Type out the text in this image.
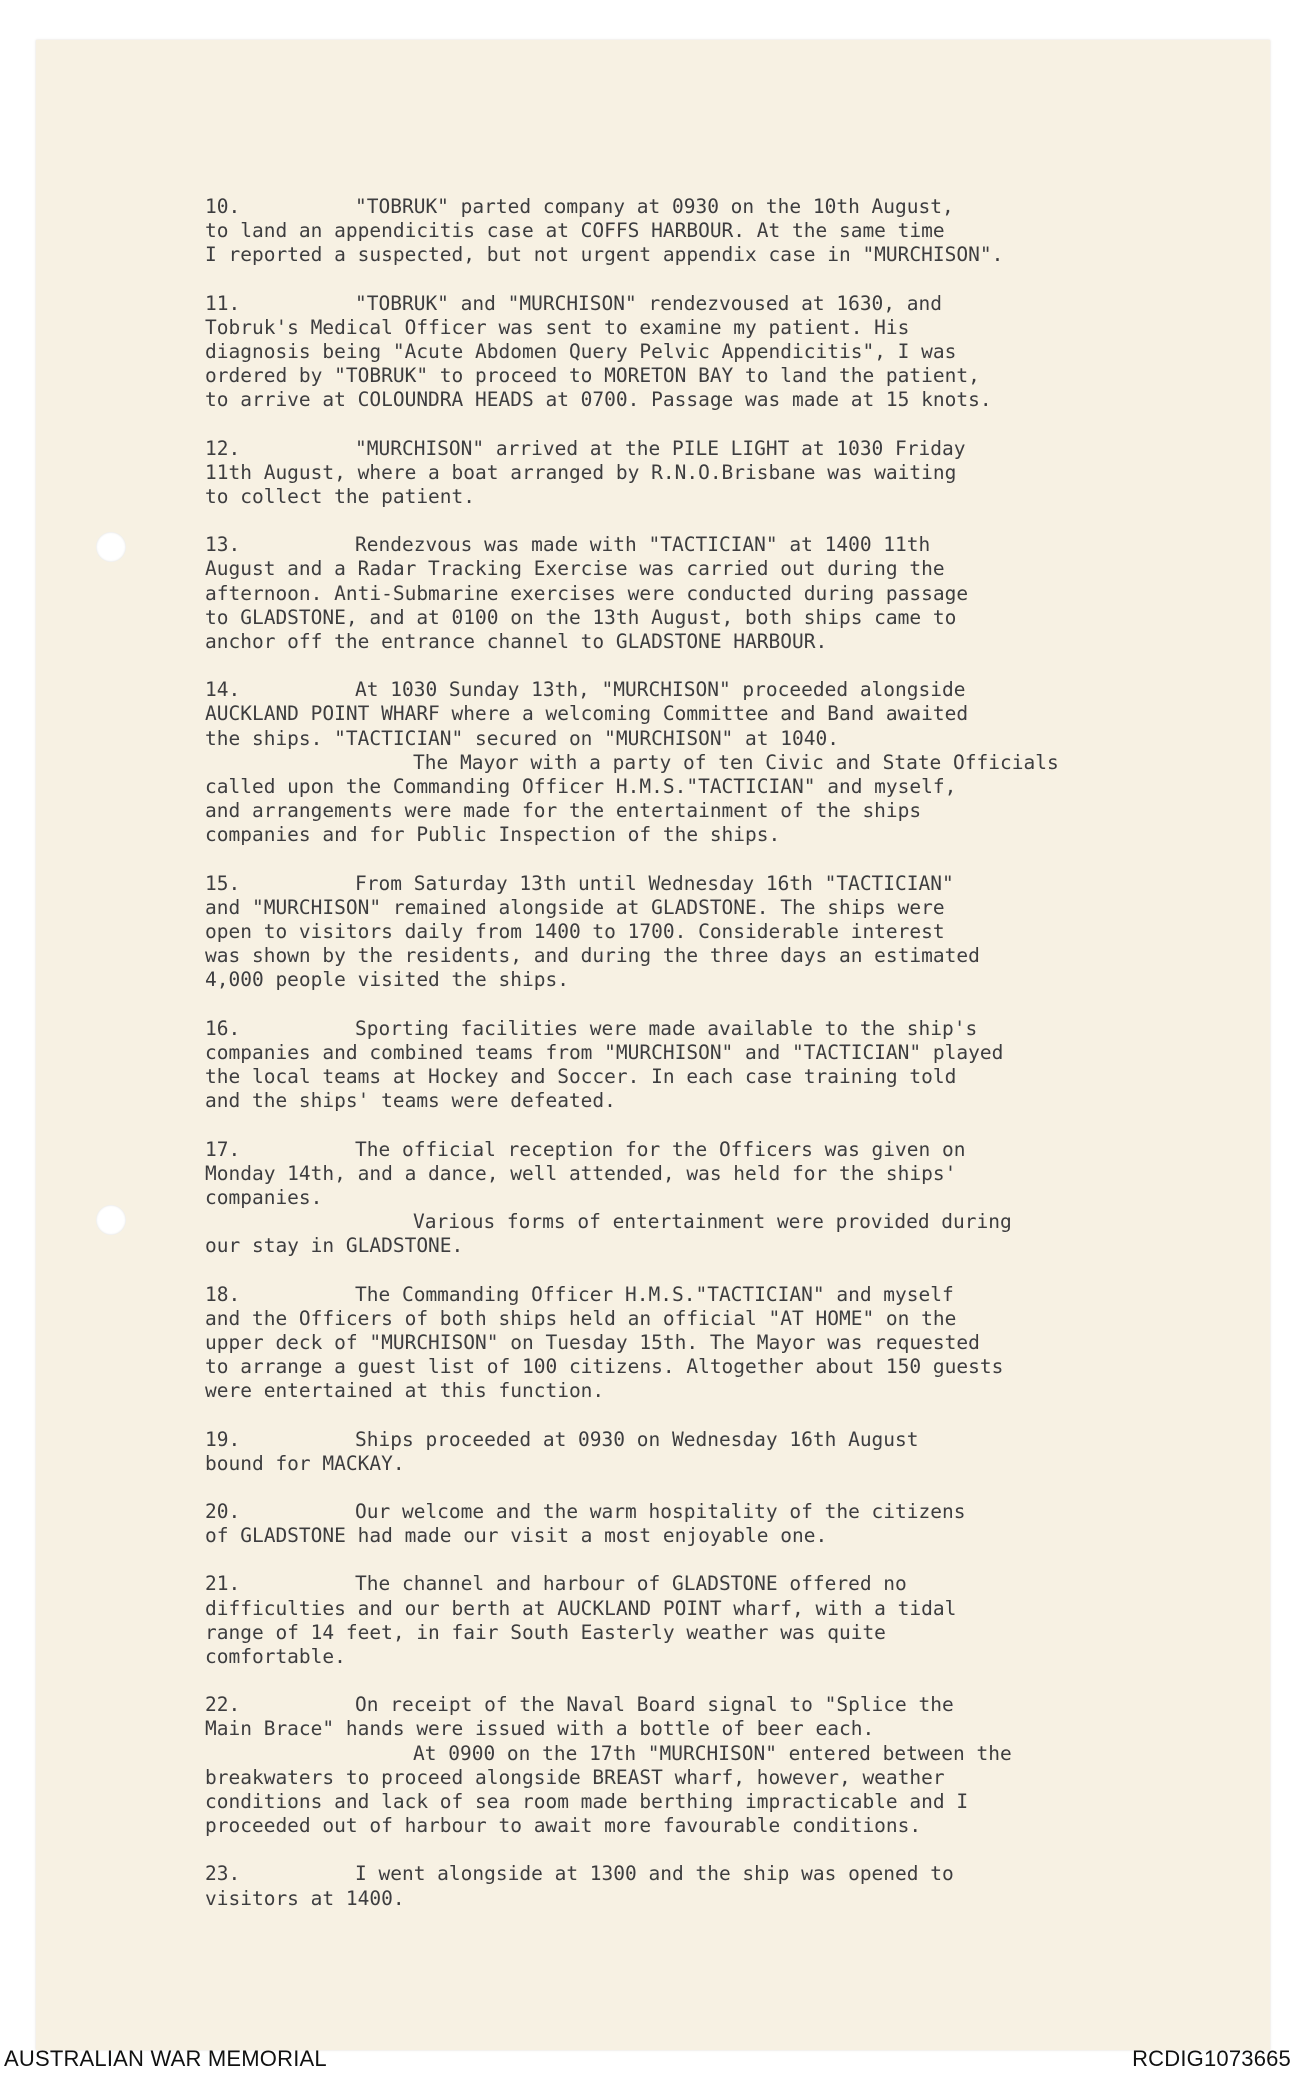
10.	"TOBRUK" parted company at 0930 on the 10th August,

to land an appendicitis case at COFFS HARBOUR. At the same time

I reported a suspected, but not urgent appendix case in "MURCHISON".

11.	"TOBRUK" and "MURCHISON" rendezvoused at 1630, and

Tobruk's Medical Officer was sent to examine my patient. His

diagnosis being "Acute Abdomen Query Pelvic Appendicitis", I was

ordered by "TOBRUK" to proceed to MORETON BAY to land the patient,

to arrive at COLOUNDRA HEADS at 0700. Passage was made at 15 knots.

12.	"MURCHISON" arrived at the PILE LIGHT at 1030 Friday

11th August, where a boat arranged by R.N.O.Brisbane was waiting

to collect the patient.

13.	Rendezvous was made with "TACTICIAN" at 1400 11th

August and a Radar Tracking Exercise was carried out during the

afternoon. Anti-Submarine exercises were conducted during passage

to GLADSTONE, and at 0100 on the 13th August, both ships came to

anchor off the entrance channel to GLADSTONE HARBOUR.

14.	At 1030 Sunday 13th, "MURCHISON" proceeded alongside

AUCKLAND POINT WHARF where a welcoming Committee and Band awaited

the ships. "TACTICIAN" secured on "MURCHISON" at 1040.

The Mayor with a party of ten Civic and State Officials

called upon the Commanding Officer H.M.S."TACTICIAN" and myself,

and arrangements were made for the entertainment of the ships

companies and for Public Inspection of the ships.

15.	From Saturday 13th until Wednesday 16th "TACTICIAN"

and "MURCHISON" remained alongside at GLADSTONE. The ships were

open to visitors daily from 1400 to 1700. Considerable interest

was shown by the residents, and during the three days an estimated

4,000 people visited the ships.

16.	Sporting facilities were made available to the ship's

companies and combined teams from "MURCHISON" and "TACTICIAN" played

the local teams at Hockey and Soccer. In each case training told

and the ships' teams were defeated.

17.	The official reception for the Officers was given on

Monday 14th, and a dance, well attended, was held for the ships'

companies.

Various forms of entertainment were provided during

our stay in GLADSTONE.

18.	The Commanding Officer H.M.S."TACTICIAN" and myself

and the Officers of both ships held an official "AT HOME" on the

upper deck of "MURCHISON" on Tuesday 15th. The Mayor was requested

to arrange a guest list of 100 citizens. Altogether about 150 guests

were entertained at this function.

19.	Ships proceeded at 0930 on Wednesday 16th August

bound for MACKAY.

20.	Our welcome and the warm hospitality of the citizens

of GLADSTONE had made our visit a most enjoyable one.

21.	The channel and harbour of GLADSTONE offered no

difficulties and our berth at AUCKLAND POINT wharf, with a tidal

range of 14 feet, in fair South Easterly weather was quite

comfortable.

22.	On receipt of the Naval Board signal to "Splice the

Main Brace" hands were issued with a bottle of beer each.

At 0900 on the 17th "MURCHISON" entered between the

breakwaters to proceed alongside BREAST wharf, however, weather

conditions and lack of sea room made berthing impracticable and I

proceeded out of harbour to await more favourable conditions.

23.	I went alongside at 1300 and the ship was opened to

visitors at 1400.

AUSTRALIAN WAR MEMORIAL	RCDIG1073665
